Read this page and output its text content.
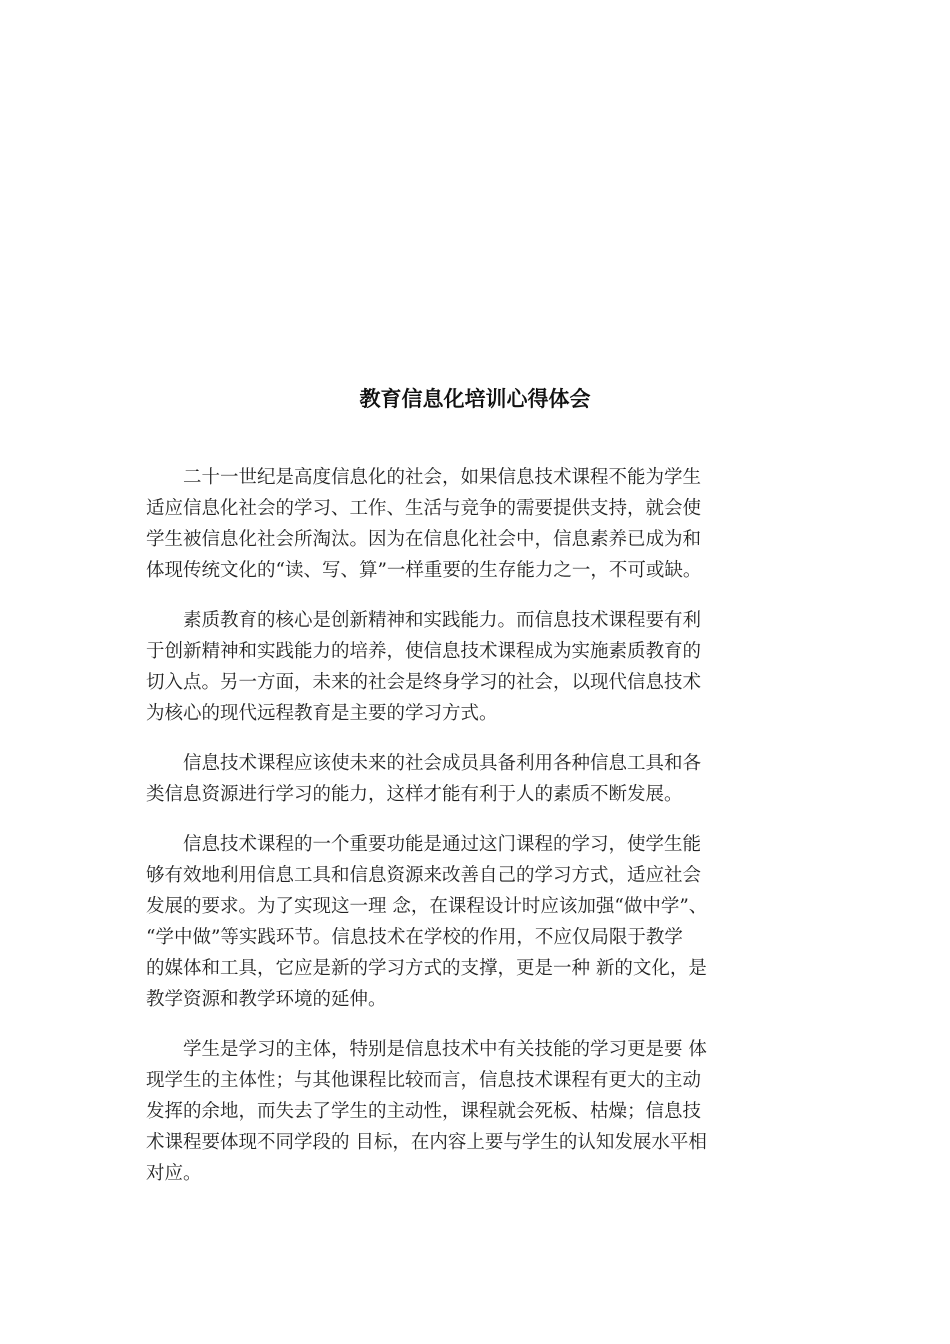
教育信息化培训心得体会

　　二十一世纪是高度信息化的社会，如果信息技术课程不能为学生
适应信息化社会的学习、工作、生活与竞争的需要提供支持，就会使
学生被信息化社会所淘汰。因为在信息化社会中，信息素养已成为和
体现传统文化的“读、写、算”一样重要的生存能力之一，不可或缺。

　　素质教育的核心是创新精神和实践能力。而信息技术课程要有利
于创新精神和实践能力的培养，使信息技术课程成为实施素质教育的
切入点。另一方面，未来的社会是终身学习的社会，以现代信息技术
为核心的现代远程教育是主要的学习方式。

　　信息技术课程应该使未来的社会成员具备利用各种信息工具和各
类信息资源进行学习的能力，这样才能有利于人的素质不断发展。

　　信息技术课程的一个重要功能是通过这门课程的学习，使学生能
够有效地利用信息工具和信息资源来改善自己的学习方式，适应社会
发展的要求。为了实现这一理 念，在课程设计时应该加强“做中学”、
“学中做”等实践环节。信息技术在学校的作用，不应仅局限于教学
的媒体和工具，它应是新的学习方式的支撑，更是一种 新的文化，是
教学资源和教学环境的延伸。

　　学生是学习的主体，特别是信息技术中有关技能的学习更是要 体
现学生的主体性；与其他课程比较而言，信息技术课程有更大的主动
发挥的余地，而失去了学生的主动性，课程就会死板、枯燥；信息技
术课程要体现不同学段的 目标，在内容上要与学生的认知发展水平相
对应。
